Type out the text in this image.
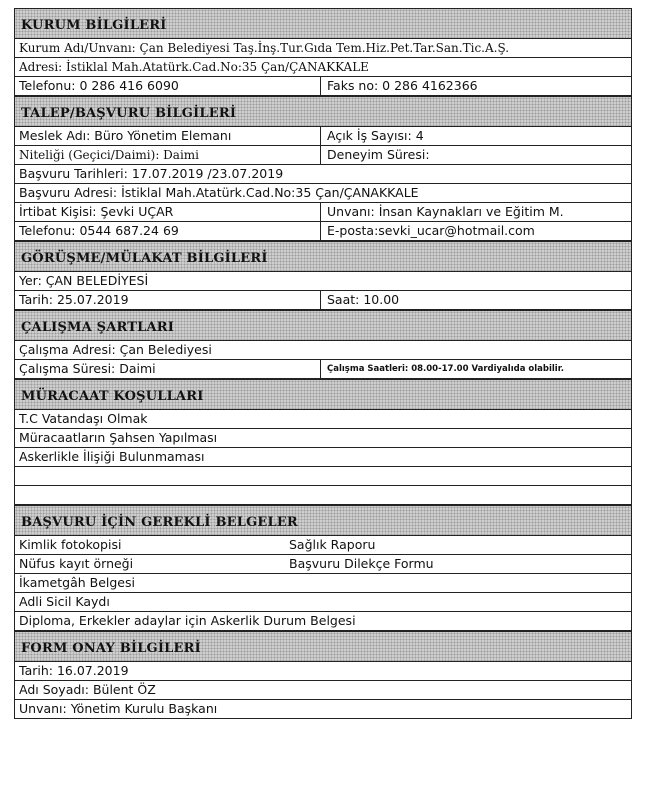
KURUM BİLGİLERİ
Kurum Adı/Unvanı: Çan Belediyesi Taş.İnş.Tur.Gıda Tem.Hiz.Pet.Tar.San.Tic.A.Ş.
Adresi: İstiklal Mah.Atatürk.Cad.No:35 Çan/ÇANAKKALE
Telefonu: 0 286 416 6090	Faks no: 0 286 4162366
TALEP/BAŞVURU BİLGİLERİ
Meslek Adı: Büro Yönetim Elemanı	Açık İş Sayısı: 4
Niteliği (Geçici/Daimi): Daimi	Deneyim Süresi:
Başvuru Tarihleri: 17.07.2019 /23.07.2019
Başvuru Adresi: İstiklal Mah.Atatürk.Cad.No:35 Çan/ÇANAKKALE
İrtibat Kişisi: Şevki UÇAR	Unvanı: İnsan Kaynakları ve Eğitim M.
Telefonu: 0544 687.24 69	E-posta:sevki_ucar@hotmail.com
GÖRÜŞME/MÜLAKAT BİLGİLERİ
Yer: ÇAN BELEDİYESİ
Tarih: 25.07.2019	Saat: 10.00
ÇALIŞMA ŞARTLARI
Çalışma Adresi: Çan Belediyesi
Çalışma Süresi: Daimi	Çalışma Saatleri: 08.00-17.00 Vardiyalıda olabilir.
MÜRACAAT KOŞULLARI
T.C Vatandaşı Olmak
Müracaatların Şahsen Yapılması
Askerlikle İlişiği Bulunmaması
BAŞVURU İÇİN GEREKLİ BELGELER
Kimlik fotokopisi	Sağlık Raporu
Nüfus kayıt örneği	Başvuru Dilekçe Formu
İkametgâh Belgesi
Adli Sicil Kaydı
Diploma, Erkekler adaylar için Askerlik Durum Belgesi
FORM ONAY BİLGİLERİ
Tarih: 16.07.2019
Adı Soyadı: Bülent ÖZ
Unvanı: Yönetim Kurulu Başkanı
